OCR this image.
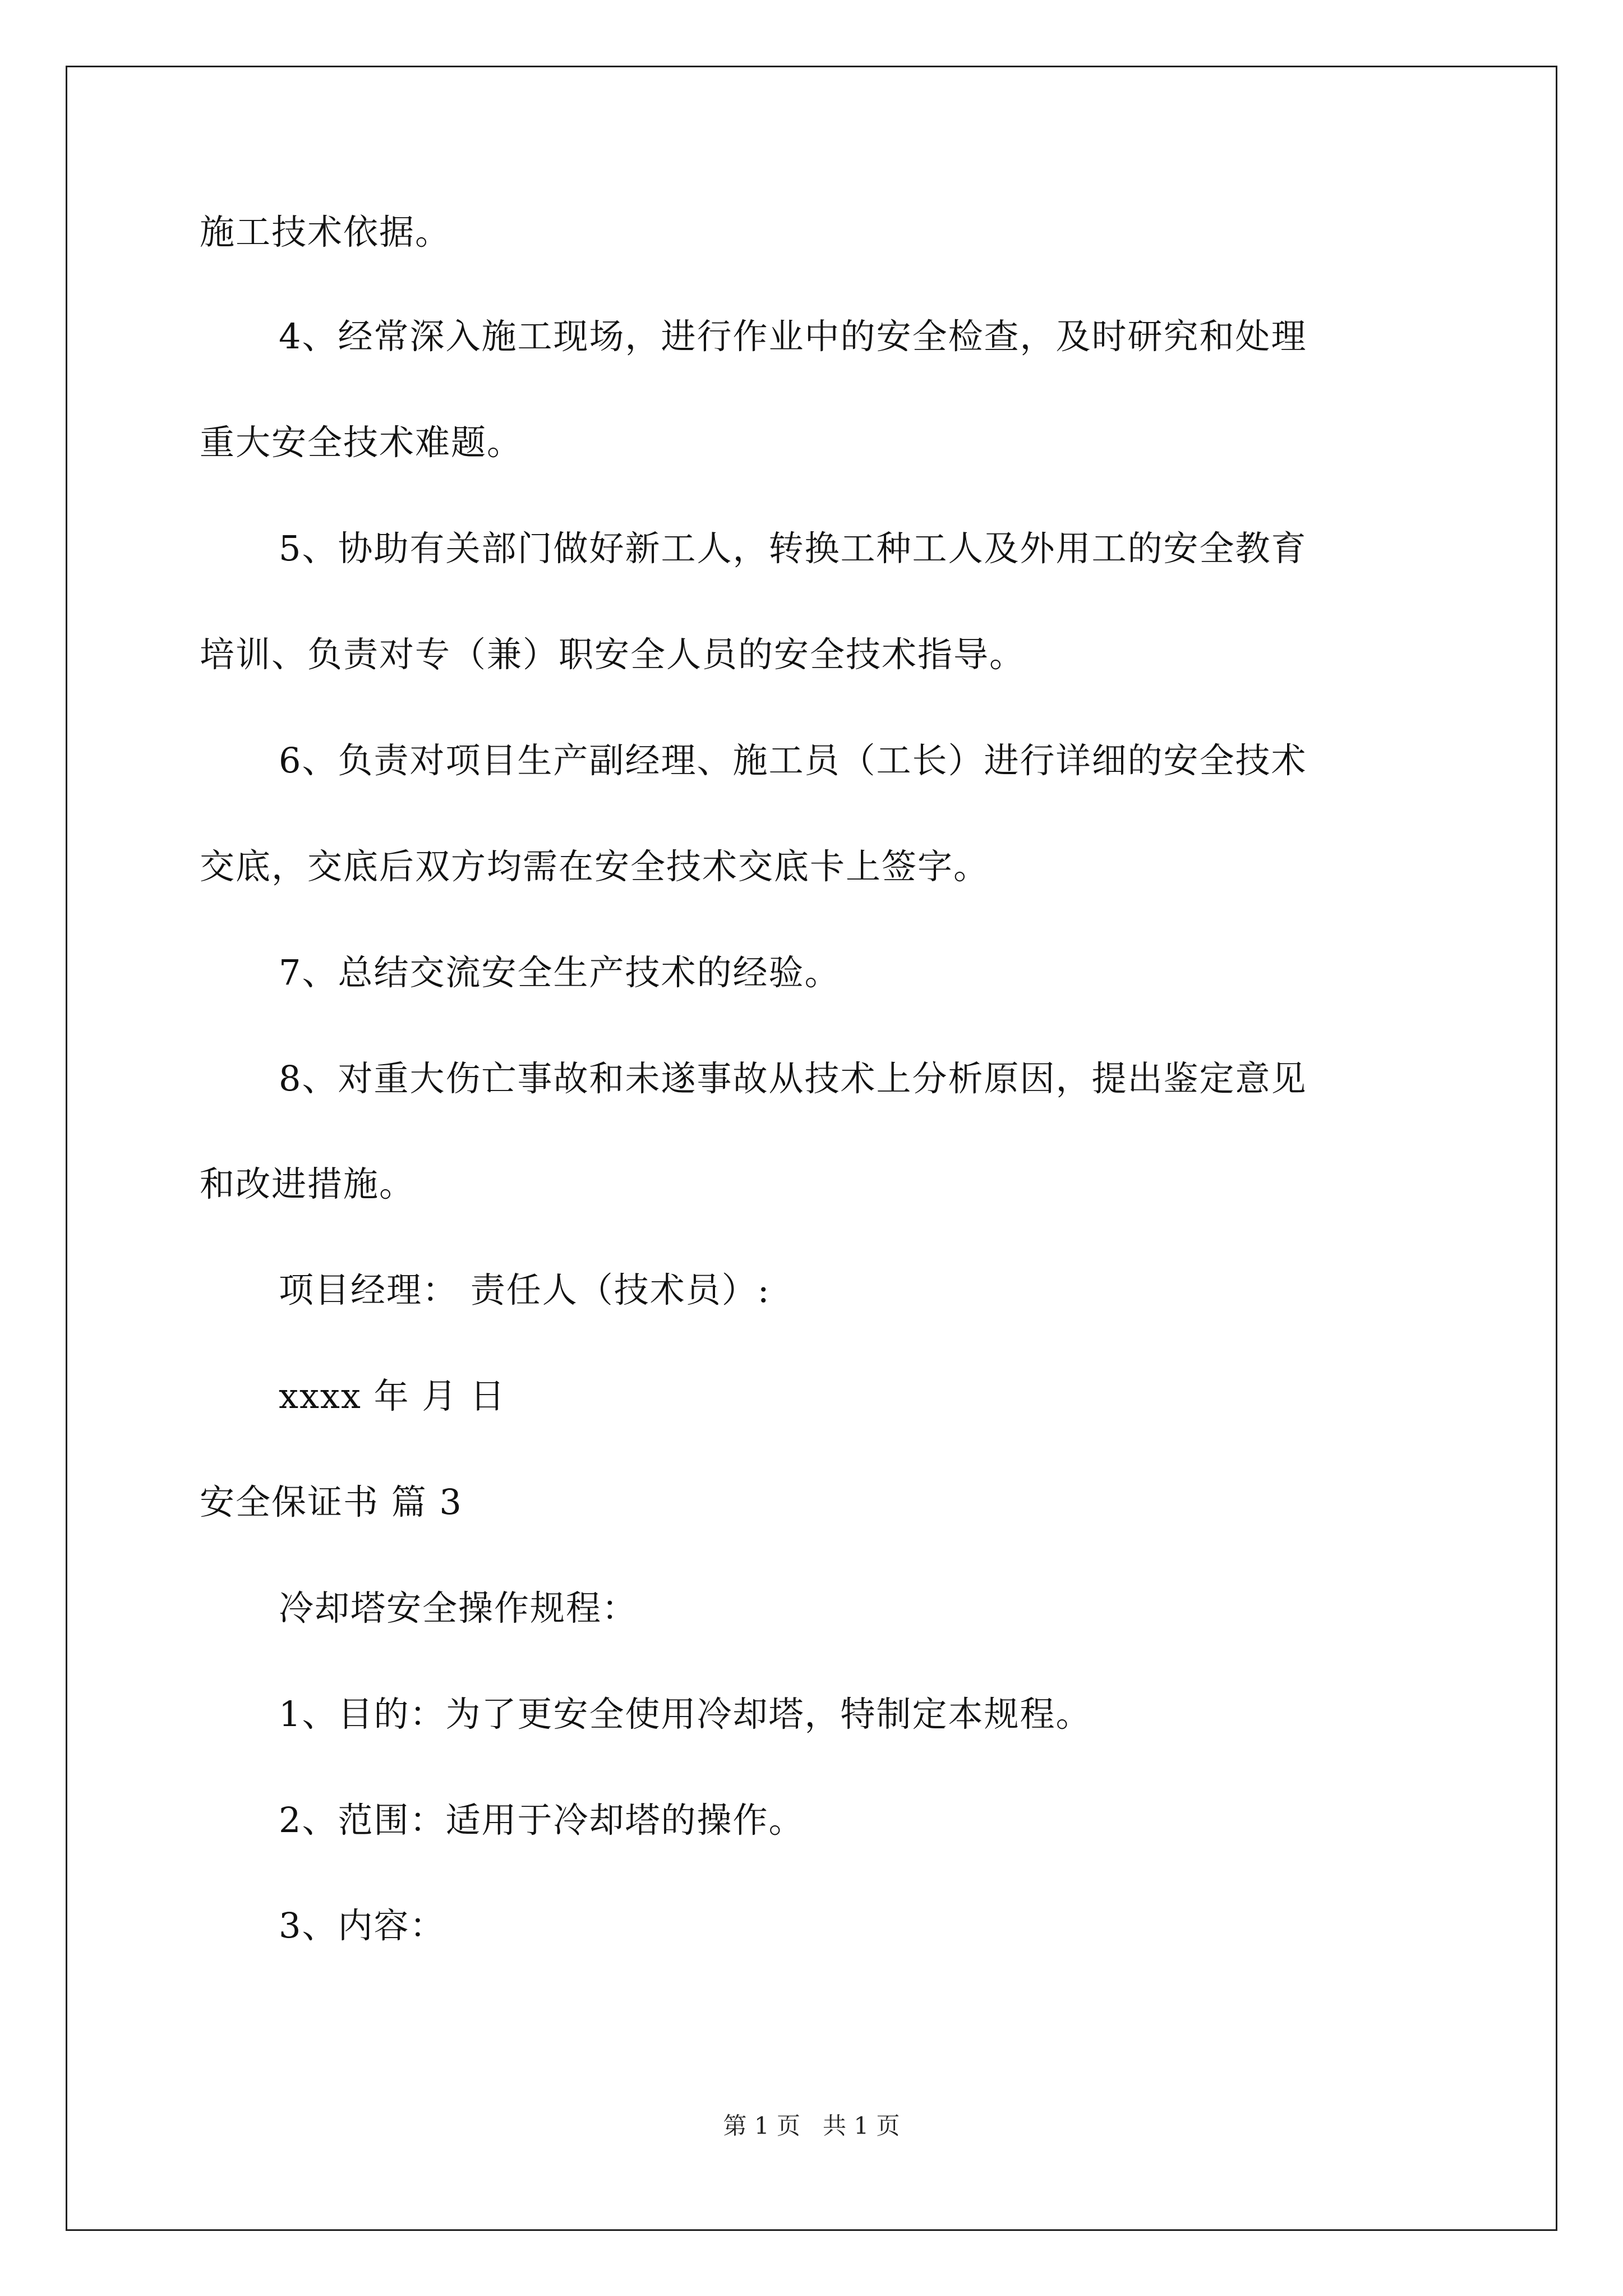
施工技术依据。
4、经常深入施工现场，进行作业中的安全检查，及时研究和处理
重大安全技术难题。
5、协助有关部门做好新工人，转换工种工人及外用工的安全教育
培训、负责对专（兼）职安全人员的安全技术指导。
6、负责对项目生产副经理、施工员（工长）进行详细的安全技术
交底，交底后双方均需在安全技术交底卡上签字。
7、总结交流安全生产技术的经验。
8、对重大伤亡事故和未遂事故从技术上分析原因，提出鉴定意见
和改进措施。
项目经理： 责任人（技术员）:
xxxx 年 月 日
安全保证书 篇 3
冷却塔安全操作规程：
1、目的：为了更安全使用冷却塔，特制定本规程。
2、范围：适用于冷却塔的操作。
3、内容：
第 1 页   共 1 页
